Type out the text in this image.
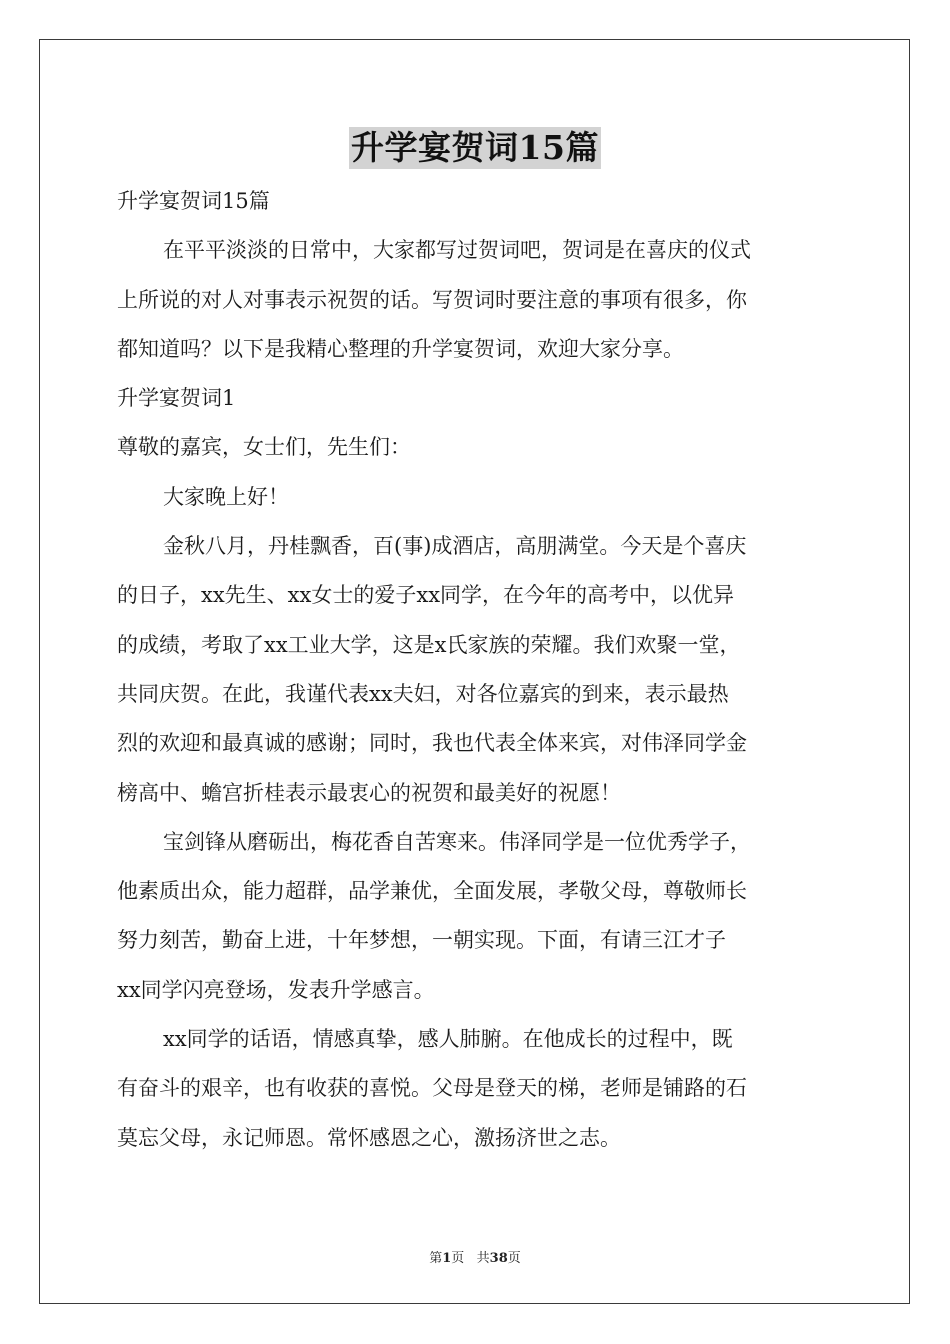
升学宴贺词15篇
升学宴贺词15篇
在平平淡淡的日常中，大家都写过贺词吧，贺词是在喜庆的仪式
上所说的对人对事表示祝贺的话。写贺词时要注意的事项有很多，你
都知道吗？以下是我精心整理的升学宴贺词，欢迎大家分享。
升学宴贺词1
尊敬的嘉宾，女士们，先生们：
大家晚上好！
金秋八月，丹桂飘香，百(事)成酒店，高朋满堂。今天是个喜庆
的日子，xx先生、xx女士的爱子xx同学，在今年的高考中，以优异
的成绩，考取了xx工业大学，这是x氏家族的荣耀。我们欢聚一堂，
共同庆贺。在此，我谨代表xx夫妇，对各位嘉宾的到来，表示最热
烈的欢迎和最真诚的感谢；同时，我也代表全体来宾，对伟泽同学金
榜高中、蟾宫折桂表示最衷心的祝贺和最美好的祝愿！
宝剑锋从磨砺出，梅花香自苦寒来。伟泽同学是一位优秀学子，
他素质出众，能力超群，品学兼优，全面发展，孝敬父母，尊敬师长
努力刻苦，勤奋上进，十年梦想，一朝实现。下面，有请三江才子
xx同学闪亮登场，发表升学感言。
xx同学的话语，情感真挚，感人肺腑。在他成长的过程中，既
有奋斗的艰辛，也有收获的喜悦。父母是登天的梯，老师是铺路的石
莫忘父母，永记师恩。常怀感恩之心，激扬济世之志。
第1页   共38页
